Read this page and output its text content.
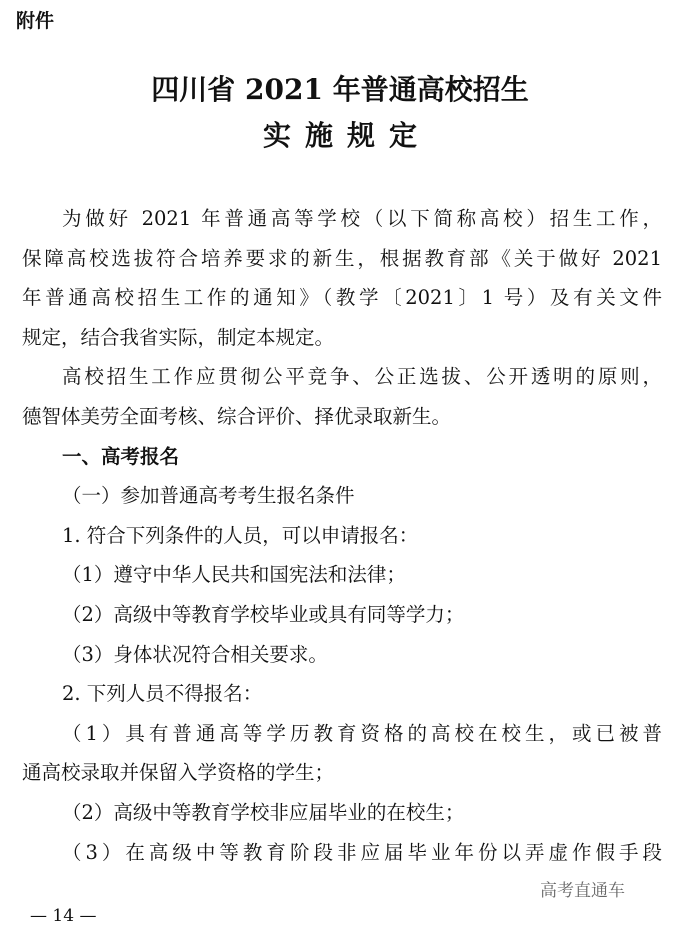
附件
四川省 2021 年普通高校招生
实施规定
为做好 2021 年普通高等学校（以下简称高校）招生工作，
保障高校选拔符合培养要求的新生，根据教育部《关于做好 2021
年普通高校招生工作的通知》（教学〔2021〕1 号）及有关文件
规定，结合我省实际，制定本规定。
高校招生工作应贯彻公平竞争、公正选拔、公开透明的原则，
德智体美劳全面考核、综合评价、择优录取新生。
一、高考报名
（一）参加普通高考考生报名条件
1. 符合下列条件的人员，可以申请报名：
（1）遵守中华人民共和国宪法和法律；
（2）高级中等教育学校毕业或具有同等学力；
（3）身体状况符合相关要求。
2. 下列人员不得报名：
（1）具有普通高等学历教育资格的高校在校生，或已被普
通高校录取并保留入学资格的学生；
（2）高级中等教育学校非应届毕业的在校生；
（3）在高级中等教育阶段非应届毕业年份以弄虚作假手段
高考直通车
— 14 —
